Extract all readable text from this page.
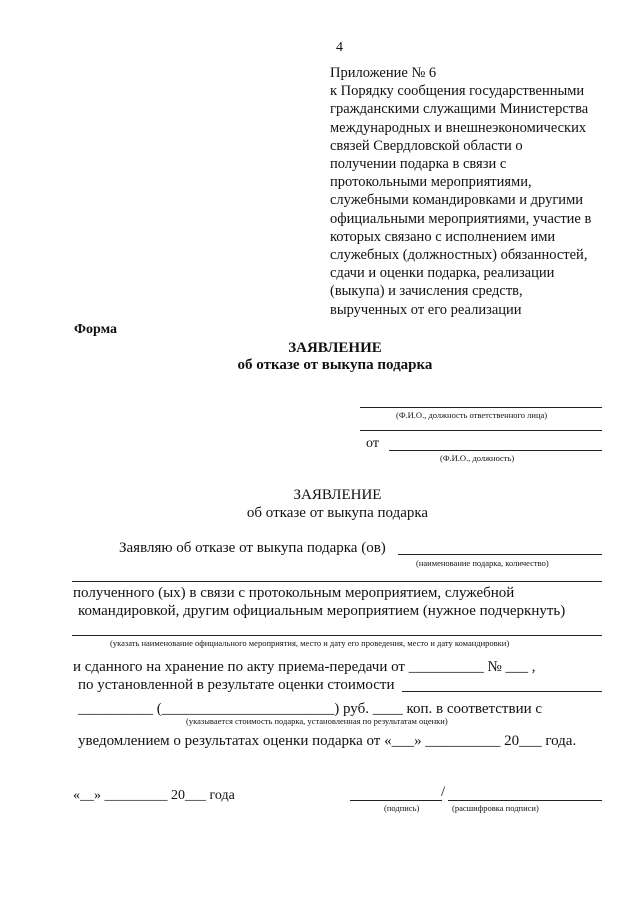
4
Приложение № 6
к Порядку сообщения государственными
гражданскими служащими Министерства
международных и внешнеэкономических
связей Свердловской области о
получении подарка в связи с
протокольными мероприятиями,
служебными командировками и другими
официальными мероприятиями, участие в
которых связано с исполнением ими
служебных (должностных) обязанностей,
сдачи и оценки подарка, реализации
(выкупа) и зачисления средств,
вырученных от его реализации
Форма
ЗАЯВЛЕНИЕ
об отказе от выкупа подарка
(Ф.И.О., должность ответственного лица)
от
(Ф.И.О., должность)
ЗАЯВЛЕНИЕ
об отказе от выкупа подарка
Заявляю об отказе от выкупа подарка (ов)
(наименование подарка, количество)
полученного (ых) в связи с протокольным мероприятием, служебной
командировкой, другим официальным мероприятием (нужное подчеркнуть)
(указать наименование официального мероприятия, место и дату его проведения, место и дату командировки)
и сданного на хранение по акту приема-передачи от __________ № ___ ,
по установленной в результате оценки стоимости
__________ (_______________________) руб. ____ коп. в соответствии с
(указывается стоимость подарка, установленная по результатам оценки)
уведомлением о результатах оценки подарка от «___» __________ 20___ года.
«__» _________ 20___ года	/
(подпись)	(расшифровка подписи)
